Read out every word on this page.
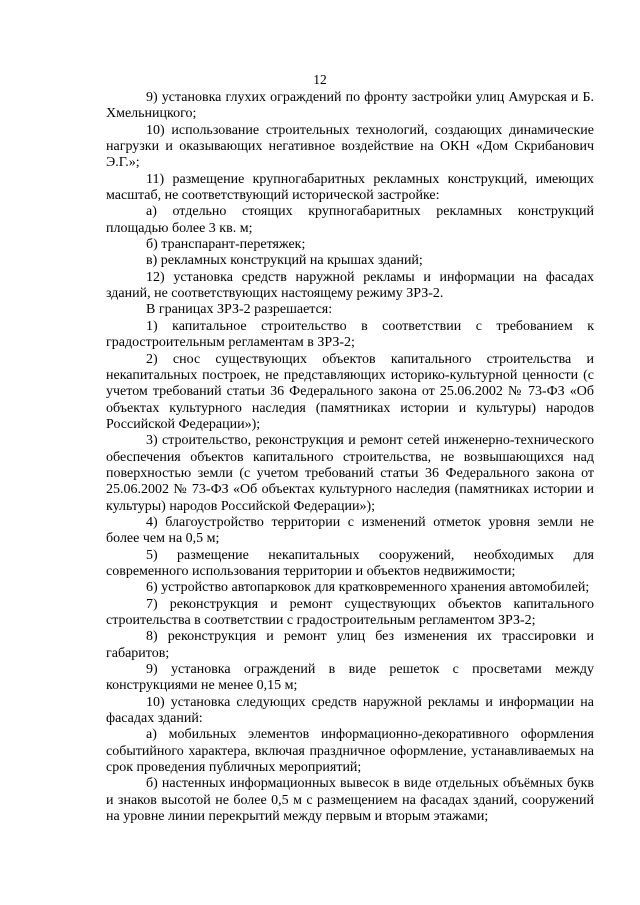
12

9) установка глухих ограждений по фронту застройки улиц Амурская и Б. Хмельницкого;

10) использование строительных технологий, создающих динамические нагрузки и оказывающих негативное воздействие на ОКН «Дом Скрибанович Э.Г.»;

11) размещение крупногабаритных рекламных конструкций, имеющих масштаб, не соответствующий исторической застройке:

а) отдельно стоящих крупногабаритных рекламных конструкций площадью более 3 кв. м;

б) транспарант-перетяжек;

в) рекламных конструкций на крышах зданий;

12) установка средств наружной рекламы и информации на фасадах зданий, не соответствующих настоящему режиму ЗРЗ-2.

В границах ЗРЗ-2 разрешается:

1) капитальное строительство в соответствии с требованием к градостроительным регламентам в ЗРЗ-2;

2) снос существующих объектов капитального строительства и некапитальных построек, не представляющих историко-культурной ценности (с учетом требований статьи 36 Федерального закона от 25.06.2002 № 73-ФЗ «Об объектах культурного наследия (памятниках истории и культуры) народов Российской Федерации»);

3) строительство, реконструкция и ремонт сетей инженерно-технического обеспечения объектов капитального строительства, не возвышающихся над поверхностью земли (с учетом требований статьи 36 Федерального закона от 25.06.2002 № 73-ФЗ «Об объектах культурного наследия (памятниках истории и культуры) народов Российской Федерации»);

4) благоустройство территории с изменений отметок уровня земли не более чем на 0,5 м;

5) размещение некапитальных сооружений, необходимых для современного использования территории и объектов недвижимости;

6) устройство автопарковок для кратковременного хранения автомобилей;

7) реконструкция и ремонт существующих объектов капитального строительства в соответствии с градостроительным регламентом ЗРЗ-2;

8) реконструкция и ремонт улиц без изменения их трассировки и габаритов;

9) установка ограждений в виде решеток с просветами между конструкциями не менее 0,15 м;

10) установка следующих средств наружной рекламы и информации на фасадах зданий:

а) мобильных элементов информационно-декоративного оформления событийного характера, включая праздничное оформление, устанавливаемых на срок проведения публичных мероприятий;

б) настенных информационных вывесок в виде отдельных объёмных букв и знаков высотой не более 0,5 м с размещением на фасадах зданий, сооружений на уровне линии перекрытий между первым и вторым этажами;
